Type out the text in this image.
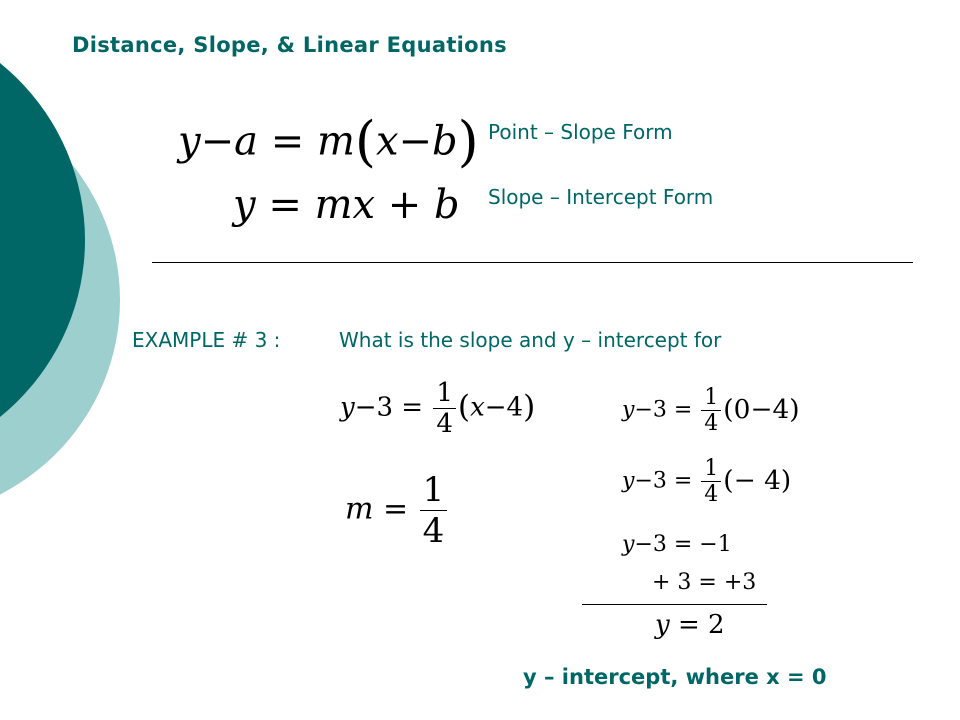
Distance, Slope, & Linear Equations
y−a = m(x−b) Point – Slope Form
y = mx + b Slope – Intercept Form
EXAMPLE # 3 :	What is the slope and y – intercept for
$y-3 = \frac{1}{4} (x-4)$
$m = \frac{1}{4}$
$y-3 = \frac{1}{4} (0-4)$
$y-3 = \frac{1}{4}$ (− 4)
y−3 = −1
+ 3 = +3
y = 2
y – intercept, where x = 0
